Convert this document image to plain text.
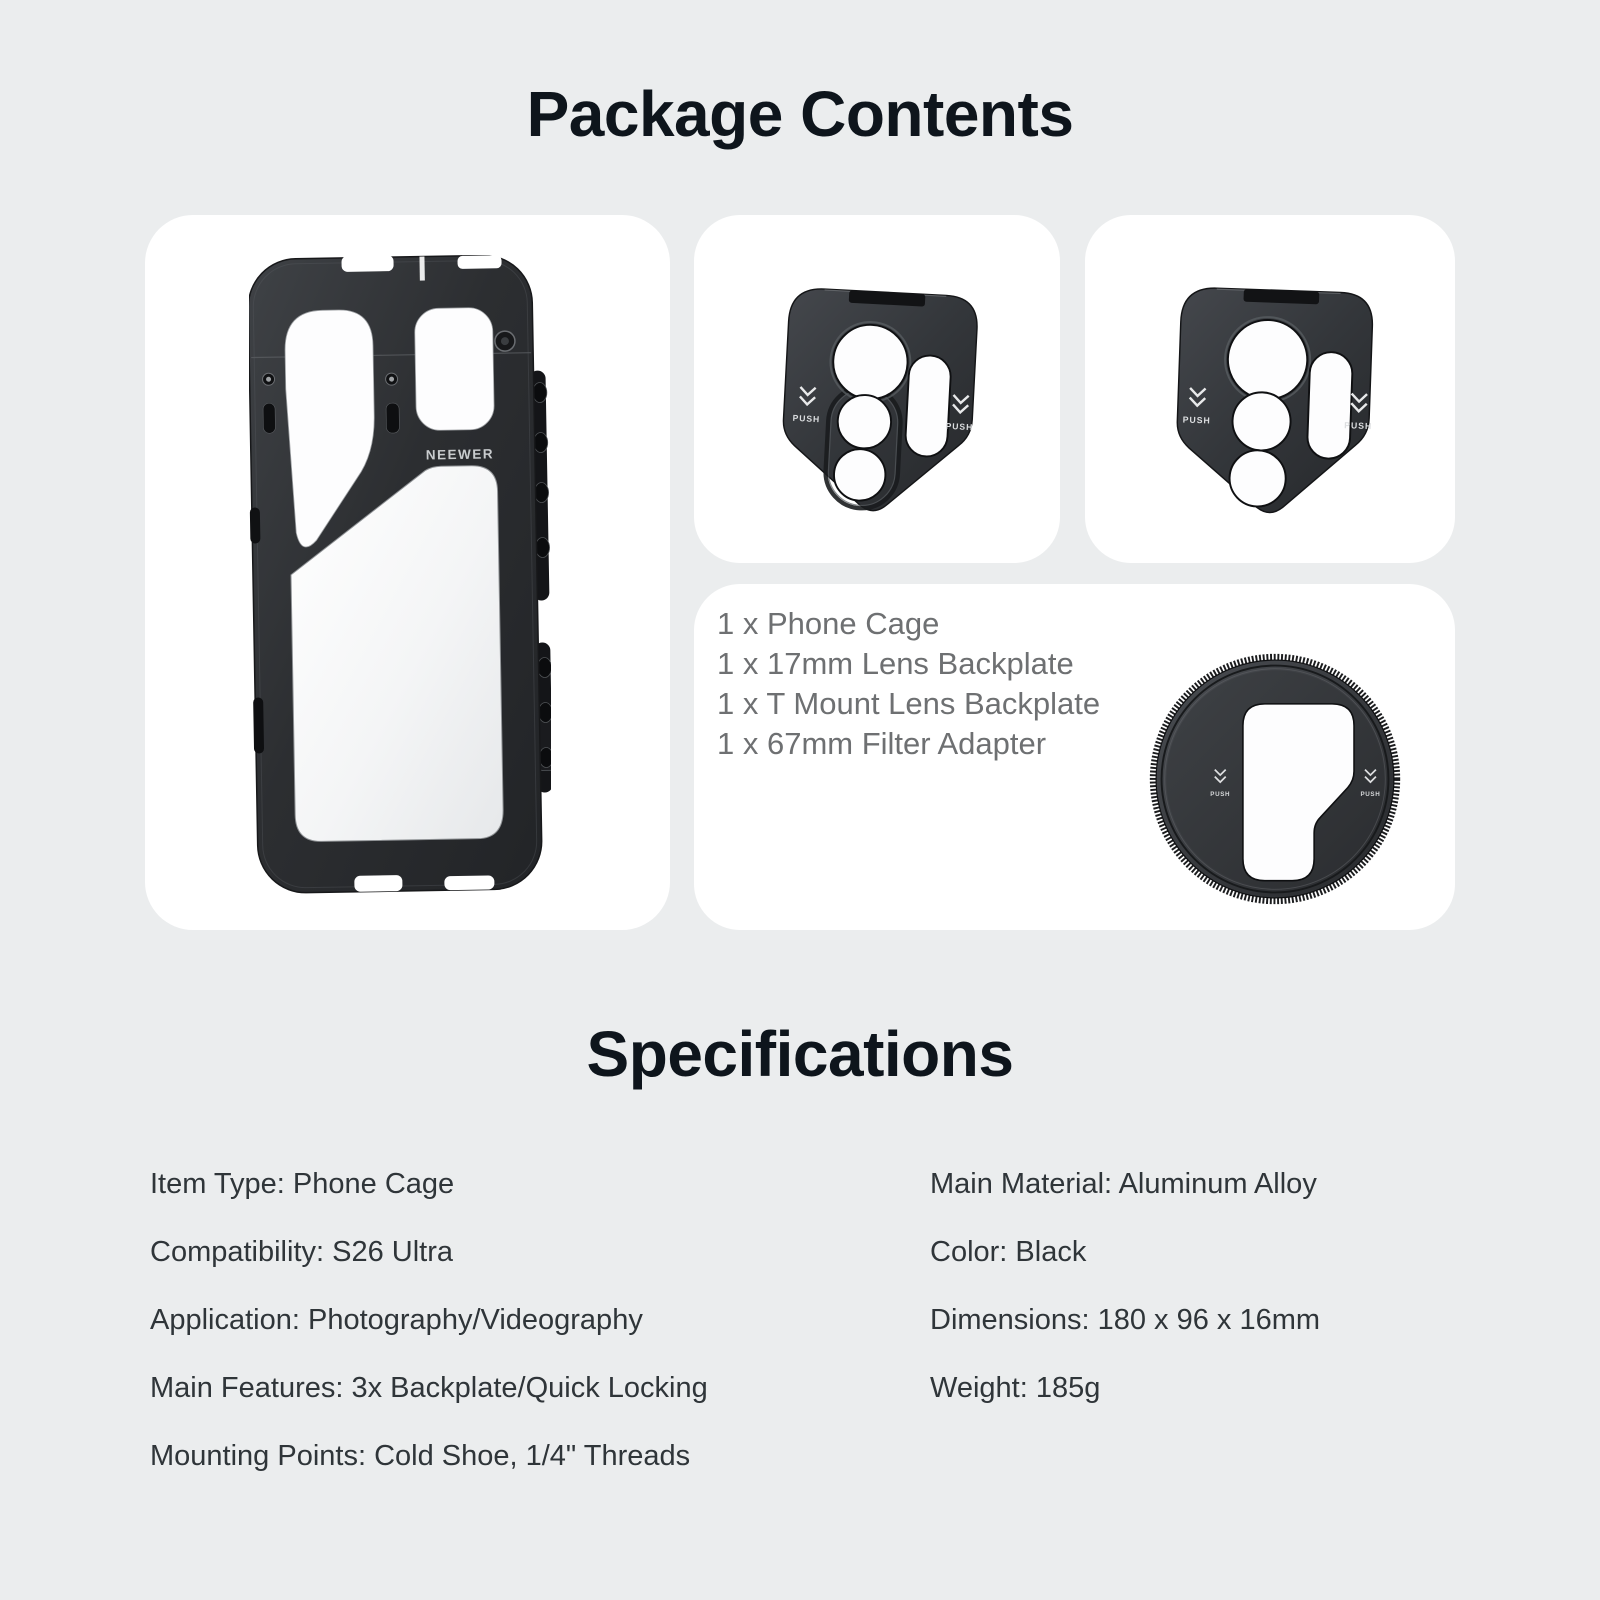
Package Contents
NEEWER
PUSH
PUSH
PUSH
PUSH
1 x Phone Cage
1 x 17mm Lens Backplate
1 x T Mount Lens Backplate
1 x 67mm Filter Adapter
PUSH	PUSH
Specifications
Item Type: Phone Cage
Compatibility: S26 Ultra
Application: Photography/Videography
Main Features: 3x Backplate/Quick Locking
Mounting Points: Cold Shoe, 1/4" Threads
Main Material: Aluminum Alloy
Color: Black
Dimensions: 180 x 96 x 16mm
Weight: 185g
